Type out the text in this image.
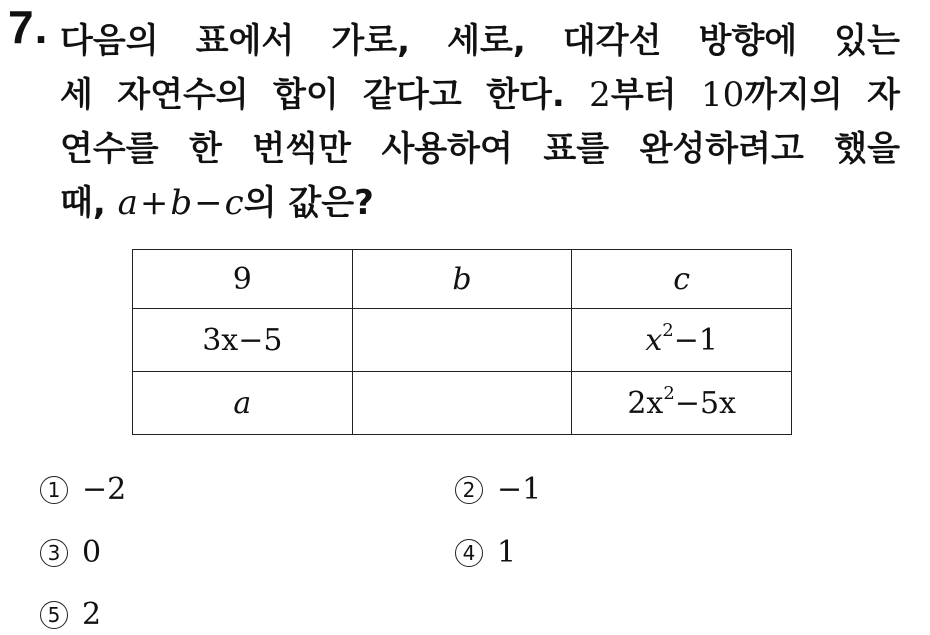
7. 다음의 표에서 가로, 세로, 대각선 방향에 있는
세 자연수의 합이 같다고 한다. 2부터 10까지의 자
연수를 한 번씩만 사용하여 표를 완성하려고 했을
때, a+b−c의 값은?
9	b	c
3x−5		$x^2-1$
a		$2x^2-5x$
1 −2	2 −1
3 0	4 1
5 2
